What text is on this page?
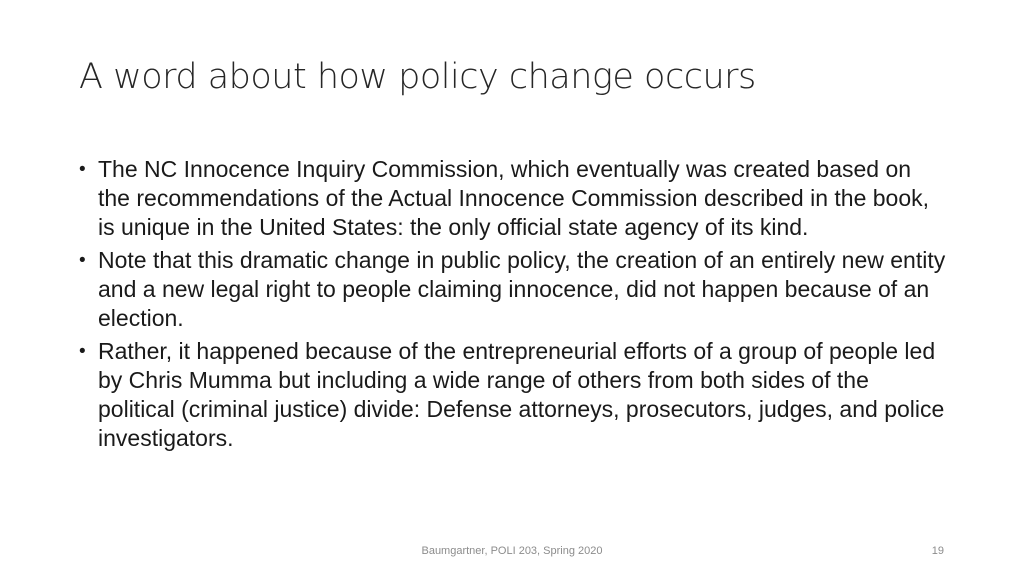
A word about how policy change occurs
• The NC Innocence Inquiry Commission, which eventually was created based on the recommendations of the Actual Innocence Commission described in the book, is unique in the United States: the only official state agency of its kind.
• Note that this dramatic change in public policy, the creation of an entirely new entity and a new legal right to people claiming innocence, did not happen because of an election.
• Rather, it happened because of the entrepreneurial efforts of a group of people led by Chris Mumma but including a wide range of others from both sides of the political (criminal justice) divide: Defense attorneys, prosecutors, judges, and police investigators.
Baumgartner, POLI 203, Spring 2020	19
